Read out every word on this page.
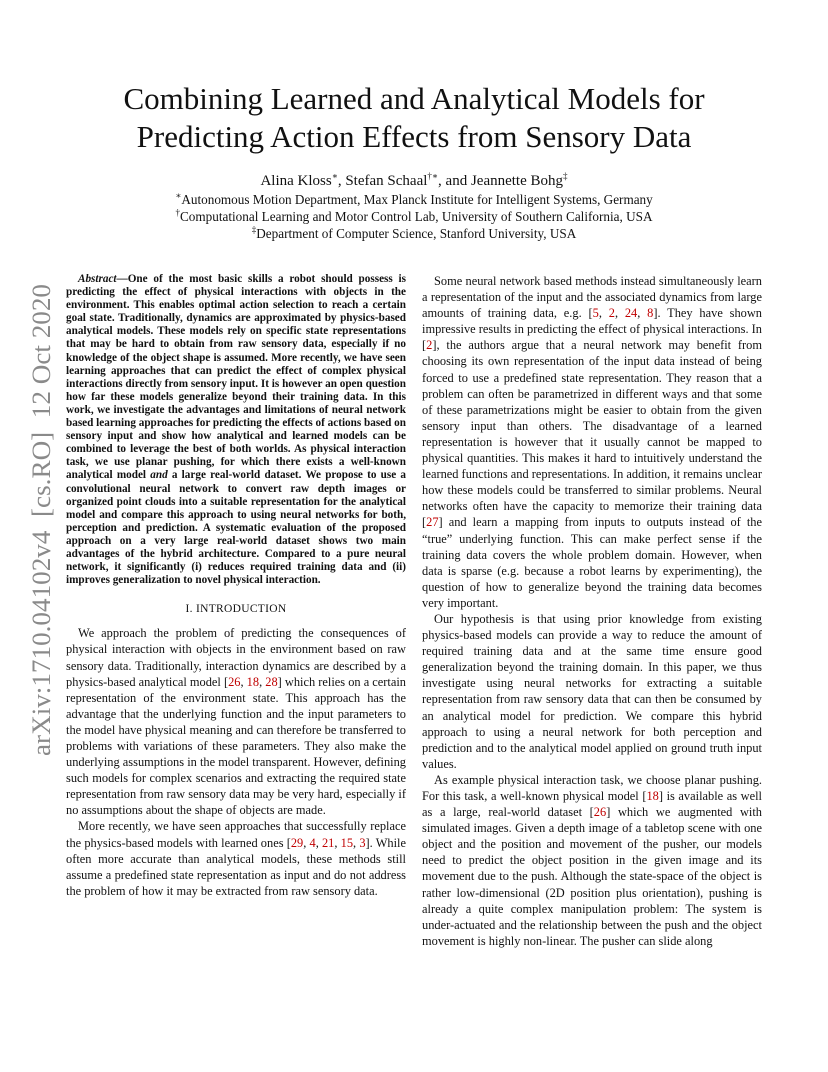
Combining Learned and Analytical Models for
Predicting Action Effects from Sensory Data
Alina Kloss∗, Stefan Schaal†∗, and Jeannette Bohg‡
∗Autonomous Motion Department, Max Planck Institute for Intelligent Systems, Germany
†Computational Learning and Motor Control Lab, University of Southern California, USA
‡Department of Computer Science, Stanford University, USA
arXiv:1710.04102v4  [cs.RO]  12 Oct 2020

Abstract—One of the most basic skills a robot should possess is predicting the effect of physical interactions with objects in the environment. This enables optimal action selection to reach a certain goal state. Traditionally, dynamics are approximated by physics-based analytical models. These models rely on specific state representations that may be hard to obtain from raw sensory data, especially if no knowledge of the object shape is assumed. More recently, we have seen learning approaches that can predict the effect of complex physical interactions directly from sensory input. It is however an open question how far these models generalize beyond their training data. In this work, we investigate the advantages and limitations of neural network based learning approaches for predicting the effects of actions based on sensory input and show how analytical and learned models can be combined to leverage the best of both worlds. As physical interaction task, we use planar pushing, for which there exists a well-known analytical model and a large real-world dataset. We propose to use a convolutional neural network to convert raw depth images or organized point clouds into a suitable representation for the analytical model and compare this approach to using neural networks for both, perception and prediction. A systematic evaluation of the proposed approach on a very large real-world dataset shows two main advantages of the hybrid architecture. Compared to a pure neural network, it significantly (i) reduces required training data and (ii) improves generalization to novel physical interaction.

I. INTRODUCTION

We approach the problem of predicting the consequences of physical interaction with objects in the environment based on raw sensory data. Traditionally, interaction dynamics are described by a physics-based analytical model [26, 18, 28] which relies on a certain representation of the environment state. This approach has the advantage that the underlying function and the input parameters to the model have physical meaning and can therefore be transferred to problems with variations of these parameters. They also make the underlying assumptions in the model transparent. However, defining such models for complex scenarios and extracting the required state representation from raw sensory data may be very hard, especially if no assumptions about the shape of objects are made.

More recently, we have seen approaches that successfully replace the physics-based models with learned ones [29, 4, 21, 15, 3]. While often more accurate than analytical models, these methods still assume a predefined state representation as input and do not address the problem of how it may be extracted from raw sensory data.

Some neural network based methods instead simultaneously learn a representation of the input and the associated dynamics from large amounts of training data, e.g. [5, 2, 24, 8]. They have shown impressive results in predicting the effect of physical interactions. In [2], the authors argue that a neural network may benefit from choosing its own representation of the input data instead of being forced to use a predefined state representation. They reason that a problem can often be parametrized in different ways and that some of these parametrizations might be easier to obtain from the given sensory input than others. The disadvantage of a learned representation is however that it usually cannot be mapped to physical quantities. This makes it hard to intuitively understand the learned functions and representations. In addition, it remains unclear how these models could be transferred to similar problems. Neural networks often have the capacity to memorize their training data [27] and learn a mapping from inputs to outputs instead of the “true” underlying function. This can make perfect sense if the training data covers the whole problem domain. However, when data is sparse (e.g. because a robot learns by experimenting), the question of how to generalize beyond the training data becomes very important.

Our hypothesis is that using prior knowledge from existing physics-based models can provide a way to reduce the amount of required training data and at the same time ensure good generalization beyond the training domain. In this paper, we thus investigate using neural networks for extracting a suitable representation from raw sensory data that can then be consumed by an analytical model for prediction. We compare this hybrid approach to using a neural network for both perception and prediction and to the analytical model applied on ground truth input values.

As example physical interaction task, we choose planar pushing. For this task, a well-known physical model [18] is available as well as a large, real-world dataset [26] which we augmented with simulated images. Given a depth image of a tabletop scene with one object and the position and movement of the pusher, our models need to predict the object position in the given image and its movement due to the push. Although the state-space of the object is rather low-dimensional (2D position plus orientation), pushing is already a quite complex manipulation problem: The system is under-actuated and the relationship between the push and the object movement is highly non-linear. The pusher can slide along
